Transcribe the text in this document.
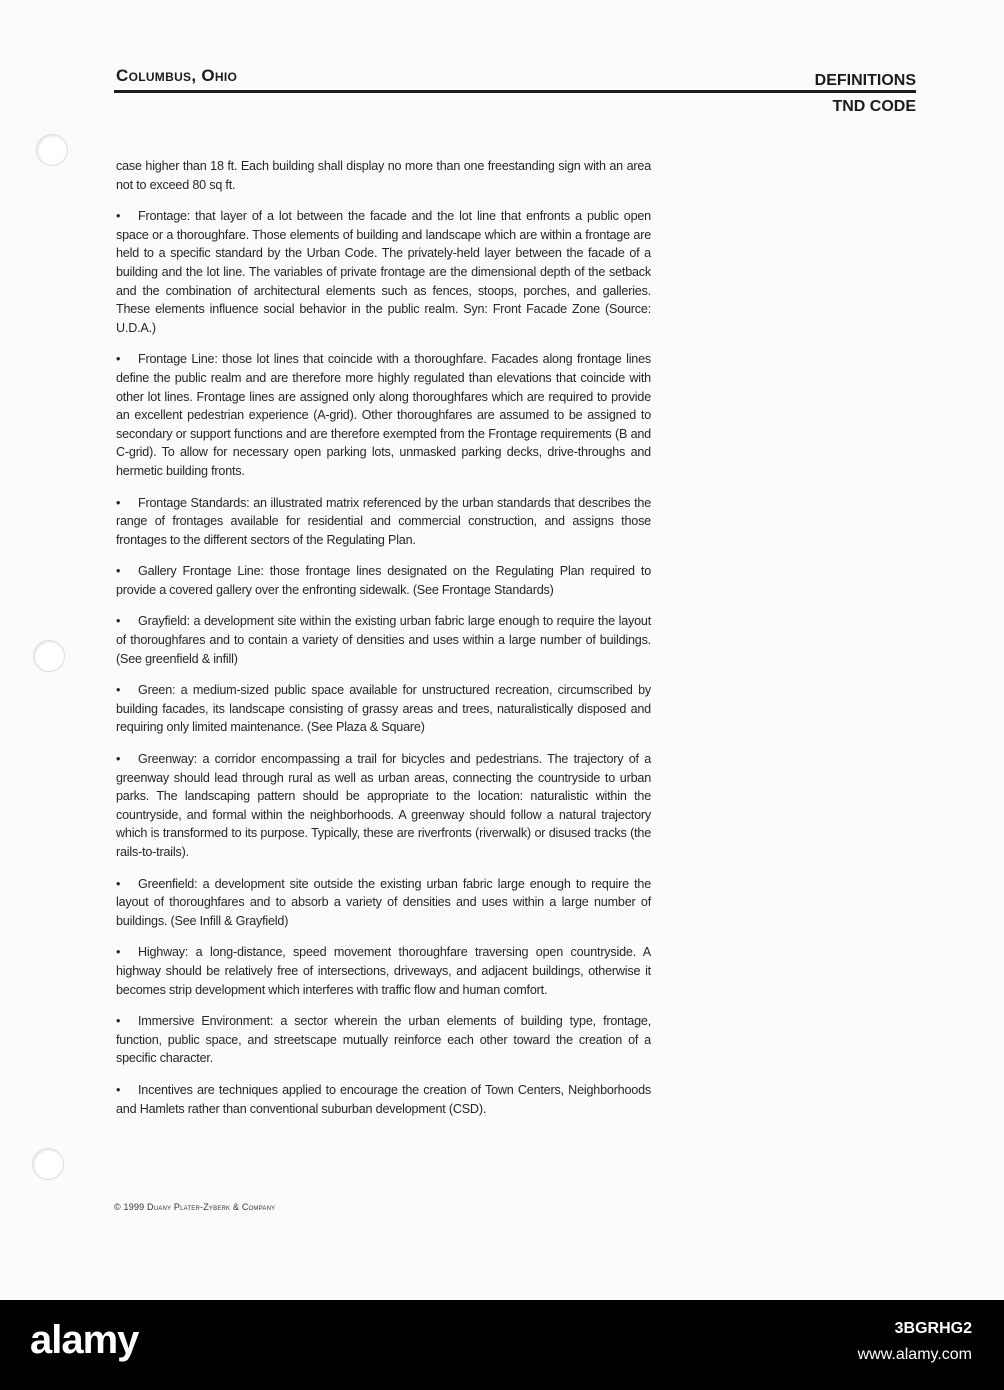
Columbus, Ohio	DEFINITIONS
TND CODE

case higher than 18 ft. Each building shall display no more than one freestanding sign with an area not to exceed 80 sq ft.

• Frontage: that layer of a lot between the facade and the lot line that enfronts a public open space or a thoroughfare. Those elements of building and landscape which are within a frontage are held to a specific standard by the Urban Code. The privately-held layer between the facade of a building and the lot line. The variables of private frontage are the dimensional depth of the setback and the combination of architectural elements such as fences, stoops, porches, and galleries. These elements influence social behavior in the public realm. Syn: Front Facade Zone (Source: U.D.A.)

• Frontage Line: those lot lines that coincide with a thoroughfare. Facades along frontage lines define the public realm and are therefore more highly regulated than elevations that coincide with other lot lines. Frontage lines are assigned only along thoroughfares which are required to provide an excellent pedestrian experience (A-grid). Other thoroughfares are assumed to be assigned to secondary or support functions and are therefore exempted from the Frontage requirements (B and C-grid). To allow for necessary open parking lots, unmasked parking decks, drive-throughs and hermetic building fronts.

• Frontage Standards: an illustrated matrix referenced by the urban standards that describes the range of frontages available for residential and commercial construction, and assigns those frontages to the different sectors of the Regulating Plan.

• Gallery Frontage Line: those frontage lines designated on the Regulating Plan required to provide a covered gallery over the enfronting sidewalk. (See Frontage Standards)

• Grayfield: a development site within the existing urban fabric large enough to require the layout of thoroughfares and to contain a variety of densities and uses within a large number of buildings. (See greenfield & infill)

• Green: a medium-sized public space available for unstructured recreation, circumscribed by building facades, its landscape consisting of grassy areas and trees, naturalistically disposed and requiring only limited maintenance. (See Plaza & Square)

• Greenway: a corridor encompassing a trail for bicycles and pedestrians. The trajectory of a greenway should lead through rural as well as urban areas, connecting the countryside to urban parks. The landscaping pattern should be appropriate to the location: naturalistic within the countryside, and formal within the neighborhoods. A greenway should follow a natural trajectory which is transformed to its purpose. Typically, these are riverfronts (riverwalk) or disused tracks (the rails-to-trails).

• Greenfield: a development site outside the existing urban fabric large enough to require the layout of thoroughfares and to absorb a variety of densities and uses within a large number of buildings. (See Infill & Grayfield)

• Highway: a long-distance, speed movement thoroughfare traversing open countryside. A highway should be relatively free of intersections, driveways, and adjacent buildings, otherwise it becomes strip development which interferes with traffic flow and human comfort.

• Immersive Environment: a sector wherein the urban elements of building type, frontage, function, public space, and streetscape mutually reinforce each other toward the creation of a specific character.

• Incentives are techniques applied to encourage the creation of Town Centers, Neighborhoods and Hamlets rather than conventional suburban development (CSD).

© 1999 Duany Plater-Zyberk & Company
alamy	3BGRHG2
www.alamy.com
